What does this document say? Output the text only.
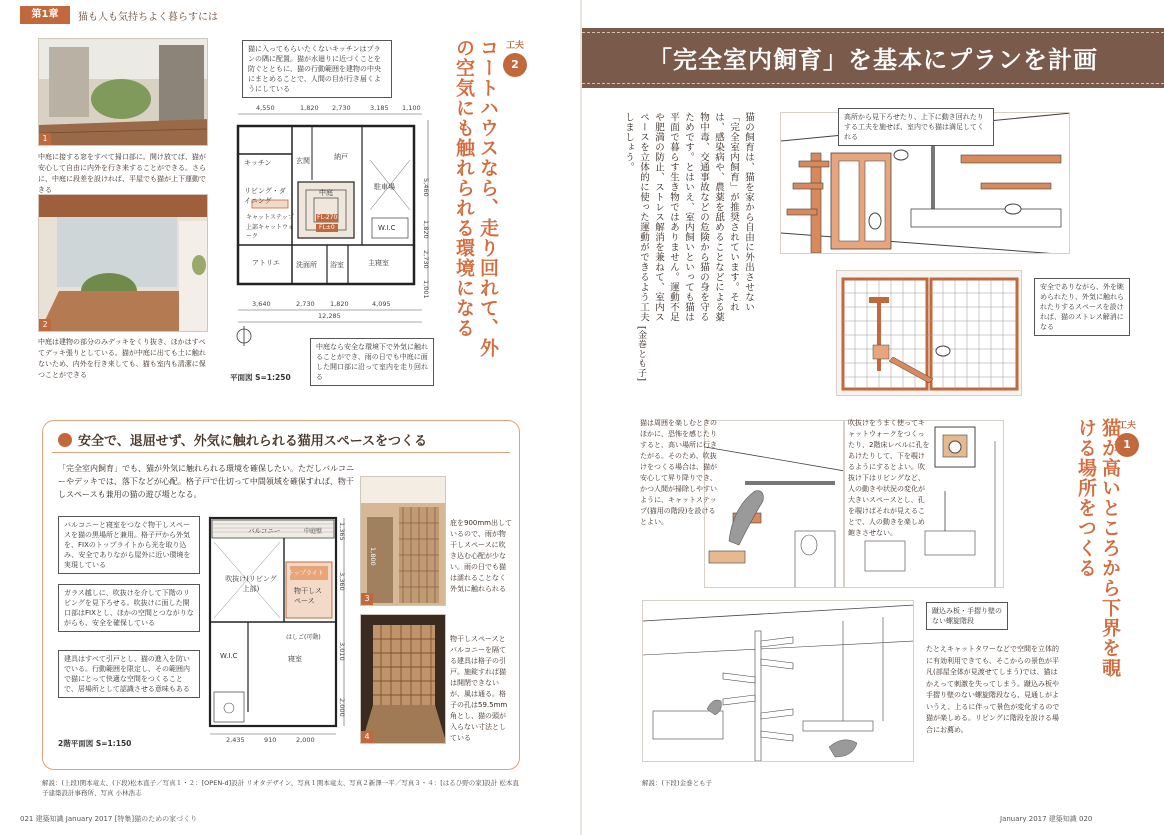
第1章	猫も人も気持ちよく暮らすには
1
中庭に接する窓をすべて掃口部に。開け放てば、猫が安心して自由に内外を行き来することができる。さらに、中庭に段差を設ければ、平屋でも猫が上下運動できる
2
中庭は建物の部分のみデッキをくり抜き、ほかはすべてデッキ張りとしている。猫が中庭に出ても土に触れないため、内外を行き来しても、猫も室内も清潔に保つことができる
猫に入ってもらいたくないキッチンはプランの隅に配置。猫が水廻りに近づくことを防ぐとともに、猫の行動範囲を建物の中央にまとめることで、人間の目が行き届くようにしている
キッチン
リビング・ダイニング
キャットステップ
上部キャットウォーク
玄関	納戸
中庭
FL-270
FL±0
駐車場
W.I.C
アトリエ 洗面所 浴室	主寝室
4,550	1,820 2,730	3,185 1,100
3,640	2,730 1,820	4,095
12,285
5,460
1,820
2,730
1,001
中庭なら安全な環境下で外気に触れることができ、雨の日でも中庭に面した開口部に沿って室内を走り回れる
平面図 S=1:250
工夫
2
コートハウスなら、走り回れて、外の空気にも触れられる環境になる
安全で、退屈せず、外気に触れられる猫用スペースをつくる
「完全室内飼育」でも、猫が外気に触れられる環境を確保したい。ただしバルコニーやデッキでは、落下などが心配。格子戸で仕切って中間領域を確保すれば、物干しスペースも兼用の猫の遊び場となる。
バルコニーと寝室をつなぐ物干しスペースを猫の黒場所と兼用。格子戸から外気を、FIXのトップライトから光を取り込み、安全でありながら屋外に近い環境を実現している
ガラス越しに、吹抜けを介して下階のリビングを見下ろせる。吹抜けに面した開口部はFIXとし、ほかの空間とつながりながらも、安全を確保している
建具はすべて引戸とし、猫の進入を防いでいる。行動範囲を限定し、その範囲内で猫にとって快適な空間をつくることで、居場所として認識させる意味もある
バルコニー	中庭壁
吹抜け(リビング上部)
トップライト
物干しスペース
はしご(可動)
W.I.C	寝室
2,435	910	2,000
1,365
3,360
3,010
2,000
2階平面図 S=1:150
1,800
3
庇を900mm出しているので、雨が物干しスペースに吹き込む心配が少ない。雨の日でも猫は濡れることなく外気に触れられる
4
物干しスペースとバルコニーを隔てる建具は格子の引戸。施錠すれば猫は開閉できないが、風は通る。格子の孔は59.5mm角とし、猫の頭が入らない寸法としている
解説：(上段)関本竜太、(下段)松本直子／写真１・２：[OPEN-d]設計 リオタデザイン、写真１関本竜太、写真２新澤一平／写真３・４：[はるひ野の家]設計 松本直子建築設計事務所、写真 小林浩志
「完全室内飼育」を基本にプランを計画
猫の飼育は、猫を家から自由に外出させない「完全室内飼育」が推奨されています。それは、感染病や、農薬を舐めることなどによる薬物中毒、交通事故などの危険から猫の身を守るためです。とはいえ、室内飼いといっても猫は平面で暮らす生き物ではありません。運動不足や肥満の防止、ストレス解消を兼ねて、室内スペースを立体的に使った運動ができるよう工夫しましょう。
[金巻とも子]
高所から見下ろせたり、上下に動き回れたりする工夫を施せば、室内でも猫は満足してくれる
安全でありながら、外を眺められたり、外気に触れられたりするスペースを設ければ、猫のストレス解消になる
猫は周囲を楽しむときのほかに、恐怖を感じたりすると、高い場所に行きたがる。そのため、吹抜けをつくる場合は、猫が安心して昇り降りでき、かつ人間が掃除しやすいように、キャットステップ(猫用の階段)を設けるとよい。
吹抜けをうまく使ってキャットウォークをつくったり、2階床レベルに孔をあけたりして、下を覗けるようにするとよい。吹抜け下はリビングなど、人の動きや状況の変化が大きいスペースとし、孔を覗けばそれが見えることで、人の動きを楽しめ飽きさせない。
工夫
1
猫が高いところから下界を覗ける場所をつくる
蹴込み板・手摺り壁のない螺旋階段
たとえキャットタワーなどで空間を立体的に有効利用できても、そこからの景色が平凡(部屋全体が見渡せてしまう)では、猫はかえって刺激を失ってしまう。蹴込み板や手摺り壁のない螺旋階段なら、見通しがよいうえ、上るに伴って景色が変化するので猫が楽しめる。リビングに階段を設ける場合にお薦め。
解説：(下段)金巻とも子
021 建築知識 January 2017 [特集]猫のための家づくり	January 2017 建築知識 020
